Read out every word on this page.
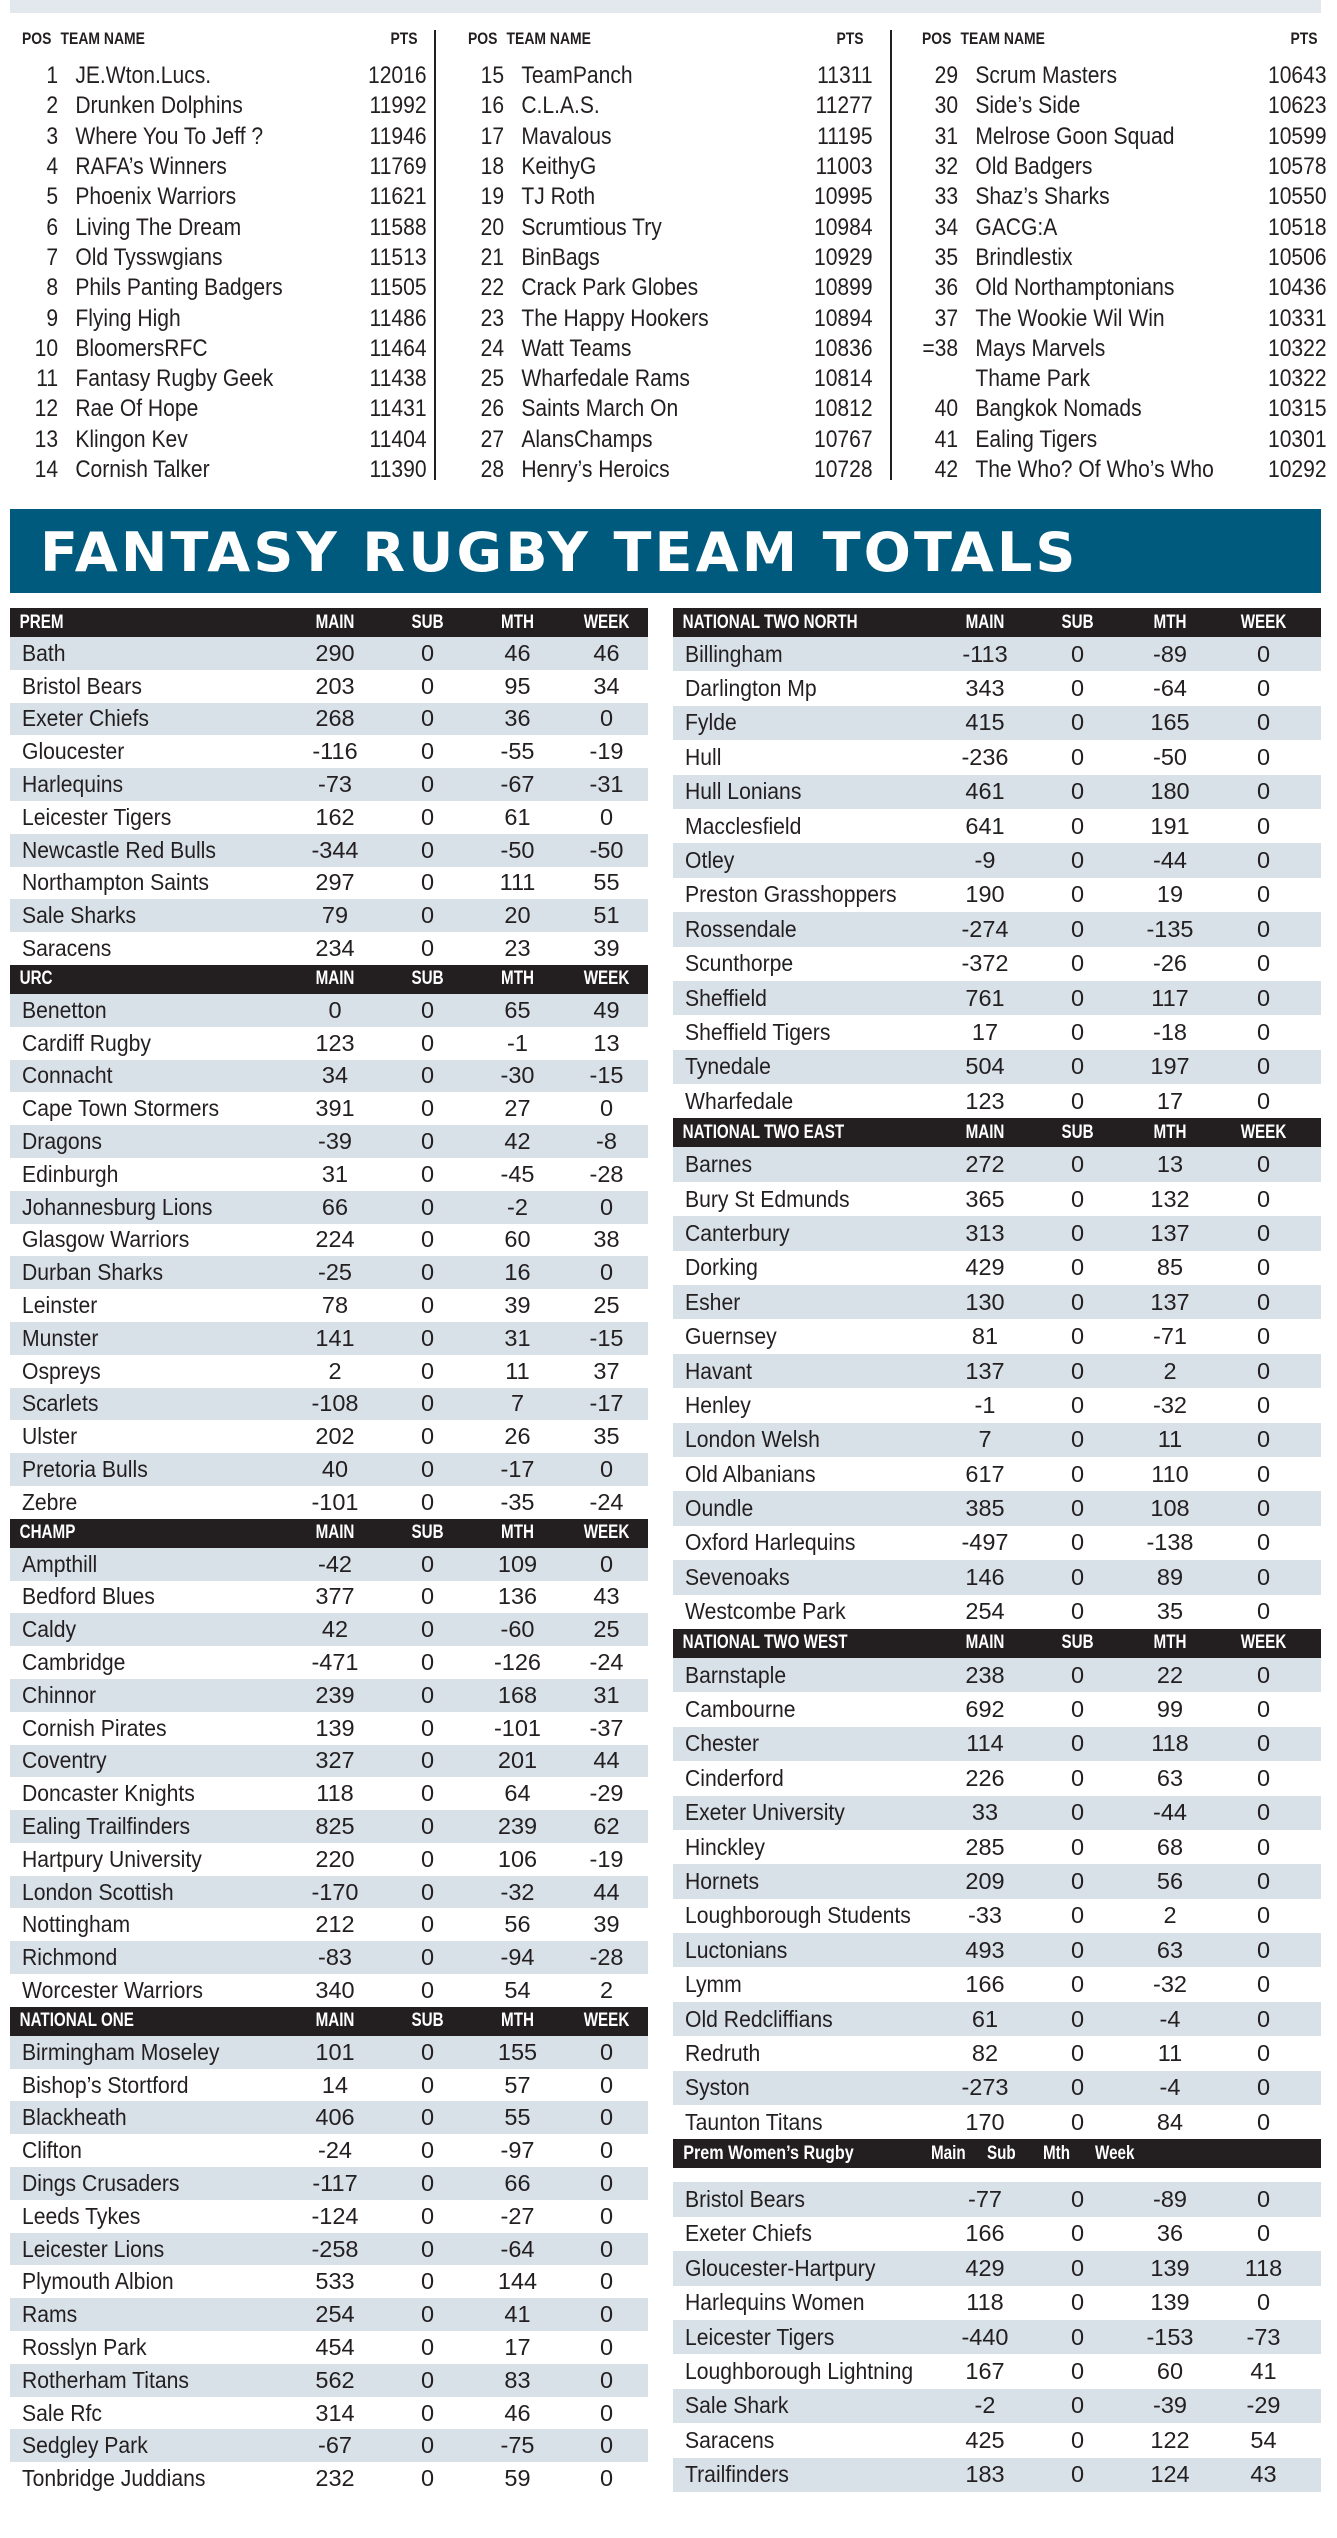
POS TEAM NAME	PTS
1 JE.Wton.Lucs.	12016
2 Drunken Dolphins	11992
3 Where You To Jeff ?	11946
4 RAFA’s Winners	11769
5 Phoenix Warriors	11621
6 Living The Dream	11588
7 Old Tysswgians	11513
8 Phils Panting Badgers	11505
9 Flying High	11486
10 BloomersRFC	11464
11 Fantasy Rugby Geek	11438
12 Rae Of Hope	11431
13 Klingon Kev	11404
14 Cornish Talker	11390
POS TEAM NAME	PTS
15 TeamPanch	11311
16 C.L.A.S.	11277
17 Mavalous	11195
18 KeithyG	11003
19 TJ Roth	10995
20 Scrumtious Try	10984
21 BinBags	10929
22 Crack Park Globes	10899
23 The Happy Hookers	10894
24 Watt Teams	10836
25 Wharfedale Rams	10814
26 Saints March On	10812
27 AlansChamps	10767
28 Henry’s Heroics	10728
POS TEAM NAME	PTS
29 Scrum Masters	10643
30 Side’s Side	10623
31 Melrose Goon Squad	10599
32 Old Badgers	10578
33 Shaz’s Sharks	10550
34 GACG:A	10518
35 Brindlestix	10506
36 Old Northamptonians	10436
37 The Wookie Wil Win	10331
=38 Mays Marvels	10322
Thame Park	10322
40 Bangkok Nomads	10315
41 Ealing Tigers	10301
42 The Who? Of Who’s Who	10292
FANTASY RUGBY TEAM TOTALS
PREM	MAIN	SUB	MTH	WEEK
Bath	290	0	46	46
Bristol Bears	203	0	95	34
Exeter Chiefs	268	0	36	0
Gloucester	-116	0	-55	-19
Harlequins	-73	0	-67	-31
Leicester Tigers	162	0	61	0
Newcastle Red Bulls	-344	0	-50	-50
Northampton Saints	297	0	111	55
Sale Sharks	79	0	20	51
Saracens	234	0	23	39
URC	MAIN	SUB	MTH	WEEK
Benetton	0	0	65	49
Cardiff Rugby	123	0	-1	13
Connacht	34	0	-30	-15
Cape Town Stormers	391	0	27	0
Dragons	-39	0	42	-8
Edinburgh	31	0	-45	-28
Johannesburg Lions	66	0	-2	0
Glasgow Warriors	224	0	60	38
Durban Sharks	-25	0	16	0
Leinster	78	0	39	25
Munster	141	0	31	-15
Ospreys	2	0	11	37
Scarlets	-108	0	7	-17
Ulster	202	0	26	35
Pretoria Bulls	40	0	-17	0
Zebre	-101	0	-35	-24
CHAMP	MAIN	SUB	MTH	WEEK
Ampthill	-42	0	109	0
Bedford Blues	377	0	136	43
Caldy	42	0	-60	25
Cambridge	-471	0	-126	-24
Chinnor	239	0	168	31
Cornish Pirates	139	0	-101	-37
Coventry	327	0	201	44
Doncaster Knights	118	0	64	-29
Ealing Trailfinders	825	0	239	62
Hartpury University	220	0	106	-19
London Scottish	-170	0	-32	44
Nottingham	212	0	56	39
Richmond	-83	0	-94	-28
Worcester Warriors	340	0	54	2
NATIONAL ONE	MAIN	SUB	MTH	WEEK
Birmingham Moseley	101	0	155	0
Bishop’s Stortford	14	0	57	0
Blackheath	406	0	55	0
Clifton	-24	0	-97	0
Dings Crusaders	-117	0	66	0
Leeds Tykes	-124	0	-27	0
Leicester Lions	-258	0	-64	0
Plymouth Albion	533	0	144	0
Rams	254	0	41	0
Rosslyn Park	454	0	17	0
Rotherham Titans	562	0	83	0
Sale Rfc	314	0	46	0
Sedgley Park	-67	0	-75	0
Tonbridge Juddians	232	0	59	0
NATIONAL TWO NORTH	MAIN	SUB	MTH	WEEK
Billingham	-113	0	-89	0
Darlington Mp	343	0	-64	0
Fylde	415	0	165	0
Hull	-236	0	-50	0
Hull Lonians	461	0	180	0
Macclesfield	641	0	191	0
Otley	-9	0	-44	0
Preston Grasshoppers	190	0	19	0
Rossendale	-274	0	-135	0
Scunthorpe	-372	0	-26	0
Sheffield	761	0	117	0
Sheffield Tigers	17	0	-18	0
Tynedale	504	0	197	0
Wharfedale	123	0	17	0
NATIONAL TWO EAST	MAIN	SUB	MTH	WEEK
Barnes	272	0	13	0
Bury St Edmunds	365	0	132	0
Canterbury	313	0	137	0
Dorking	429	0	85	0
Esher	130	0	137	0
Guernsey	81	0	-71	0
Havant	137	0	2	0
Henley	-1	0	-32	0
London Welsh	7	0	11	0
Old Albanians	617	0	110	0
Oundle	385	0	108	0
Oxford Harlequins	-497	0	-138	0
Sevenoaks	146	0	89	0
Westcombe Park	254	0	35	0
NATIONAL TWO WEST	MAIN	SUB	MTH	WEEK
Barnstaple	238	0	22	0
Cambourne	692	0	99	0
Chester	114	0	118	0
Cinderford	226	0	63	0
Exeter University	33	0	-44	0
Hinckley	285	0	68	0
Hornets	209	0	56	0
Loughborough Students	-33	0	2	0
Luctonians	493	0	63	0
Lymm	166	0	-32	0
Old Redcliffians	61	0	-4	0
Redruth	82	0	11	0
Syston	-273	0	-4	0
Taunton Titans	170	0	84	0
Prem Women’s Rugby	Main	Sub	Mth	Week
Bristol Bears	-77	0	-89	0
Exeter Chiefs	166	0	36	0
Gloucester-Hartpury	429	0	139	118
Harlequins Women	118	0	139	0
Leicester Tigers	-440	0	-153	-73
Loughborough Lightning	167	0	60	41
Sale Shark	-2	0	-39	-29
Saracens	425	0	122	54
Trailfinders	183	0	124	43
